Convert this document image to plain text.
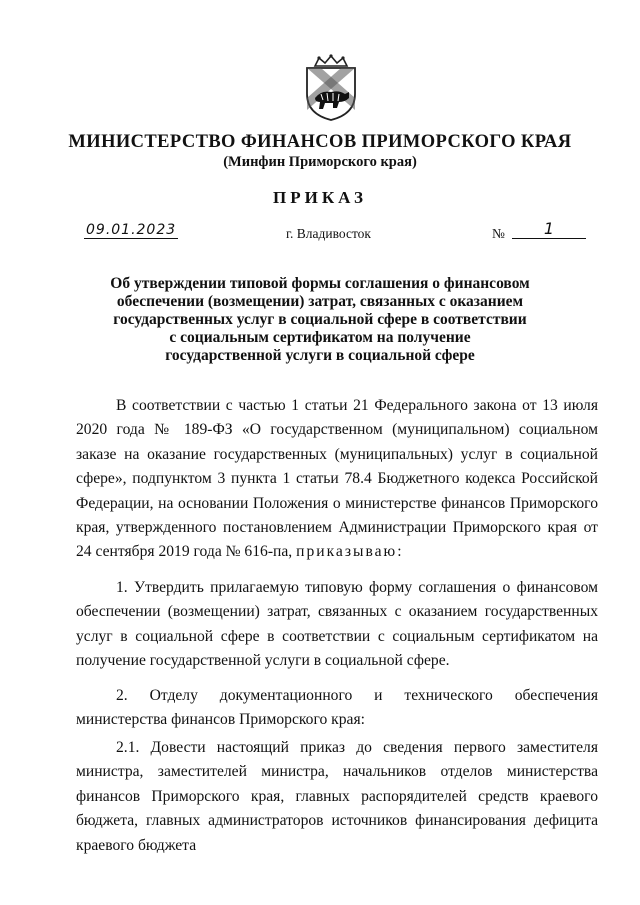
МИНИСТЕРСТВО ФИНАНСОВ ПРИМОРСКОГО КРАЯ
(Минфин Приморского края)
ПРИКАЗ
09.01.2023	г. Владивосток	№	1
Об утверждении типовой формы соглашения о финансовом обеспечении (возмещении) затрат, связанных с оказанием государственных услуг в социальной сфере в соответствии с социальным сертификатом на получение государственной услуги в социальной сфере

В соответствии с частью 1 статьи 21 Федерального закона от 13 июля 2020 года № 189-ФЗ «О государственном (муниципальном) социальном заказе на оказание государственных (муниципальных) услуг в социальной сфере», подпунктом 3 пункта 1 статьи 78.4 Бюджетного кодекса Российской Федерации, на основании Положения о министерстве финансов Приморского края, утвержденного постановлением Администрации Приморского края от 24 сентября 2019 года № 616-па, приказываю:

1. Утвердить прилагаемую типовую форму соглашения о финансовом обеспечении (возмещении) затрат, связанных с оказанием государственных услуг в социальной сфере в соответствии с социальным сертификатом на получение государственной услуги в социальной сфере.

2. Отделу документационного и технического обеспечения министерства финансов Приморского края:

2.1. Довести настоящий приказ до сведения первого заместителя министра, заместителей министра, начальников отделов министерства финансов Приморского края, главных распорядителей средств краевого бюджета, главных администраторов источников финансирования дефицита краевого бюджета
